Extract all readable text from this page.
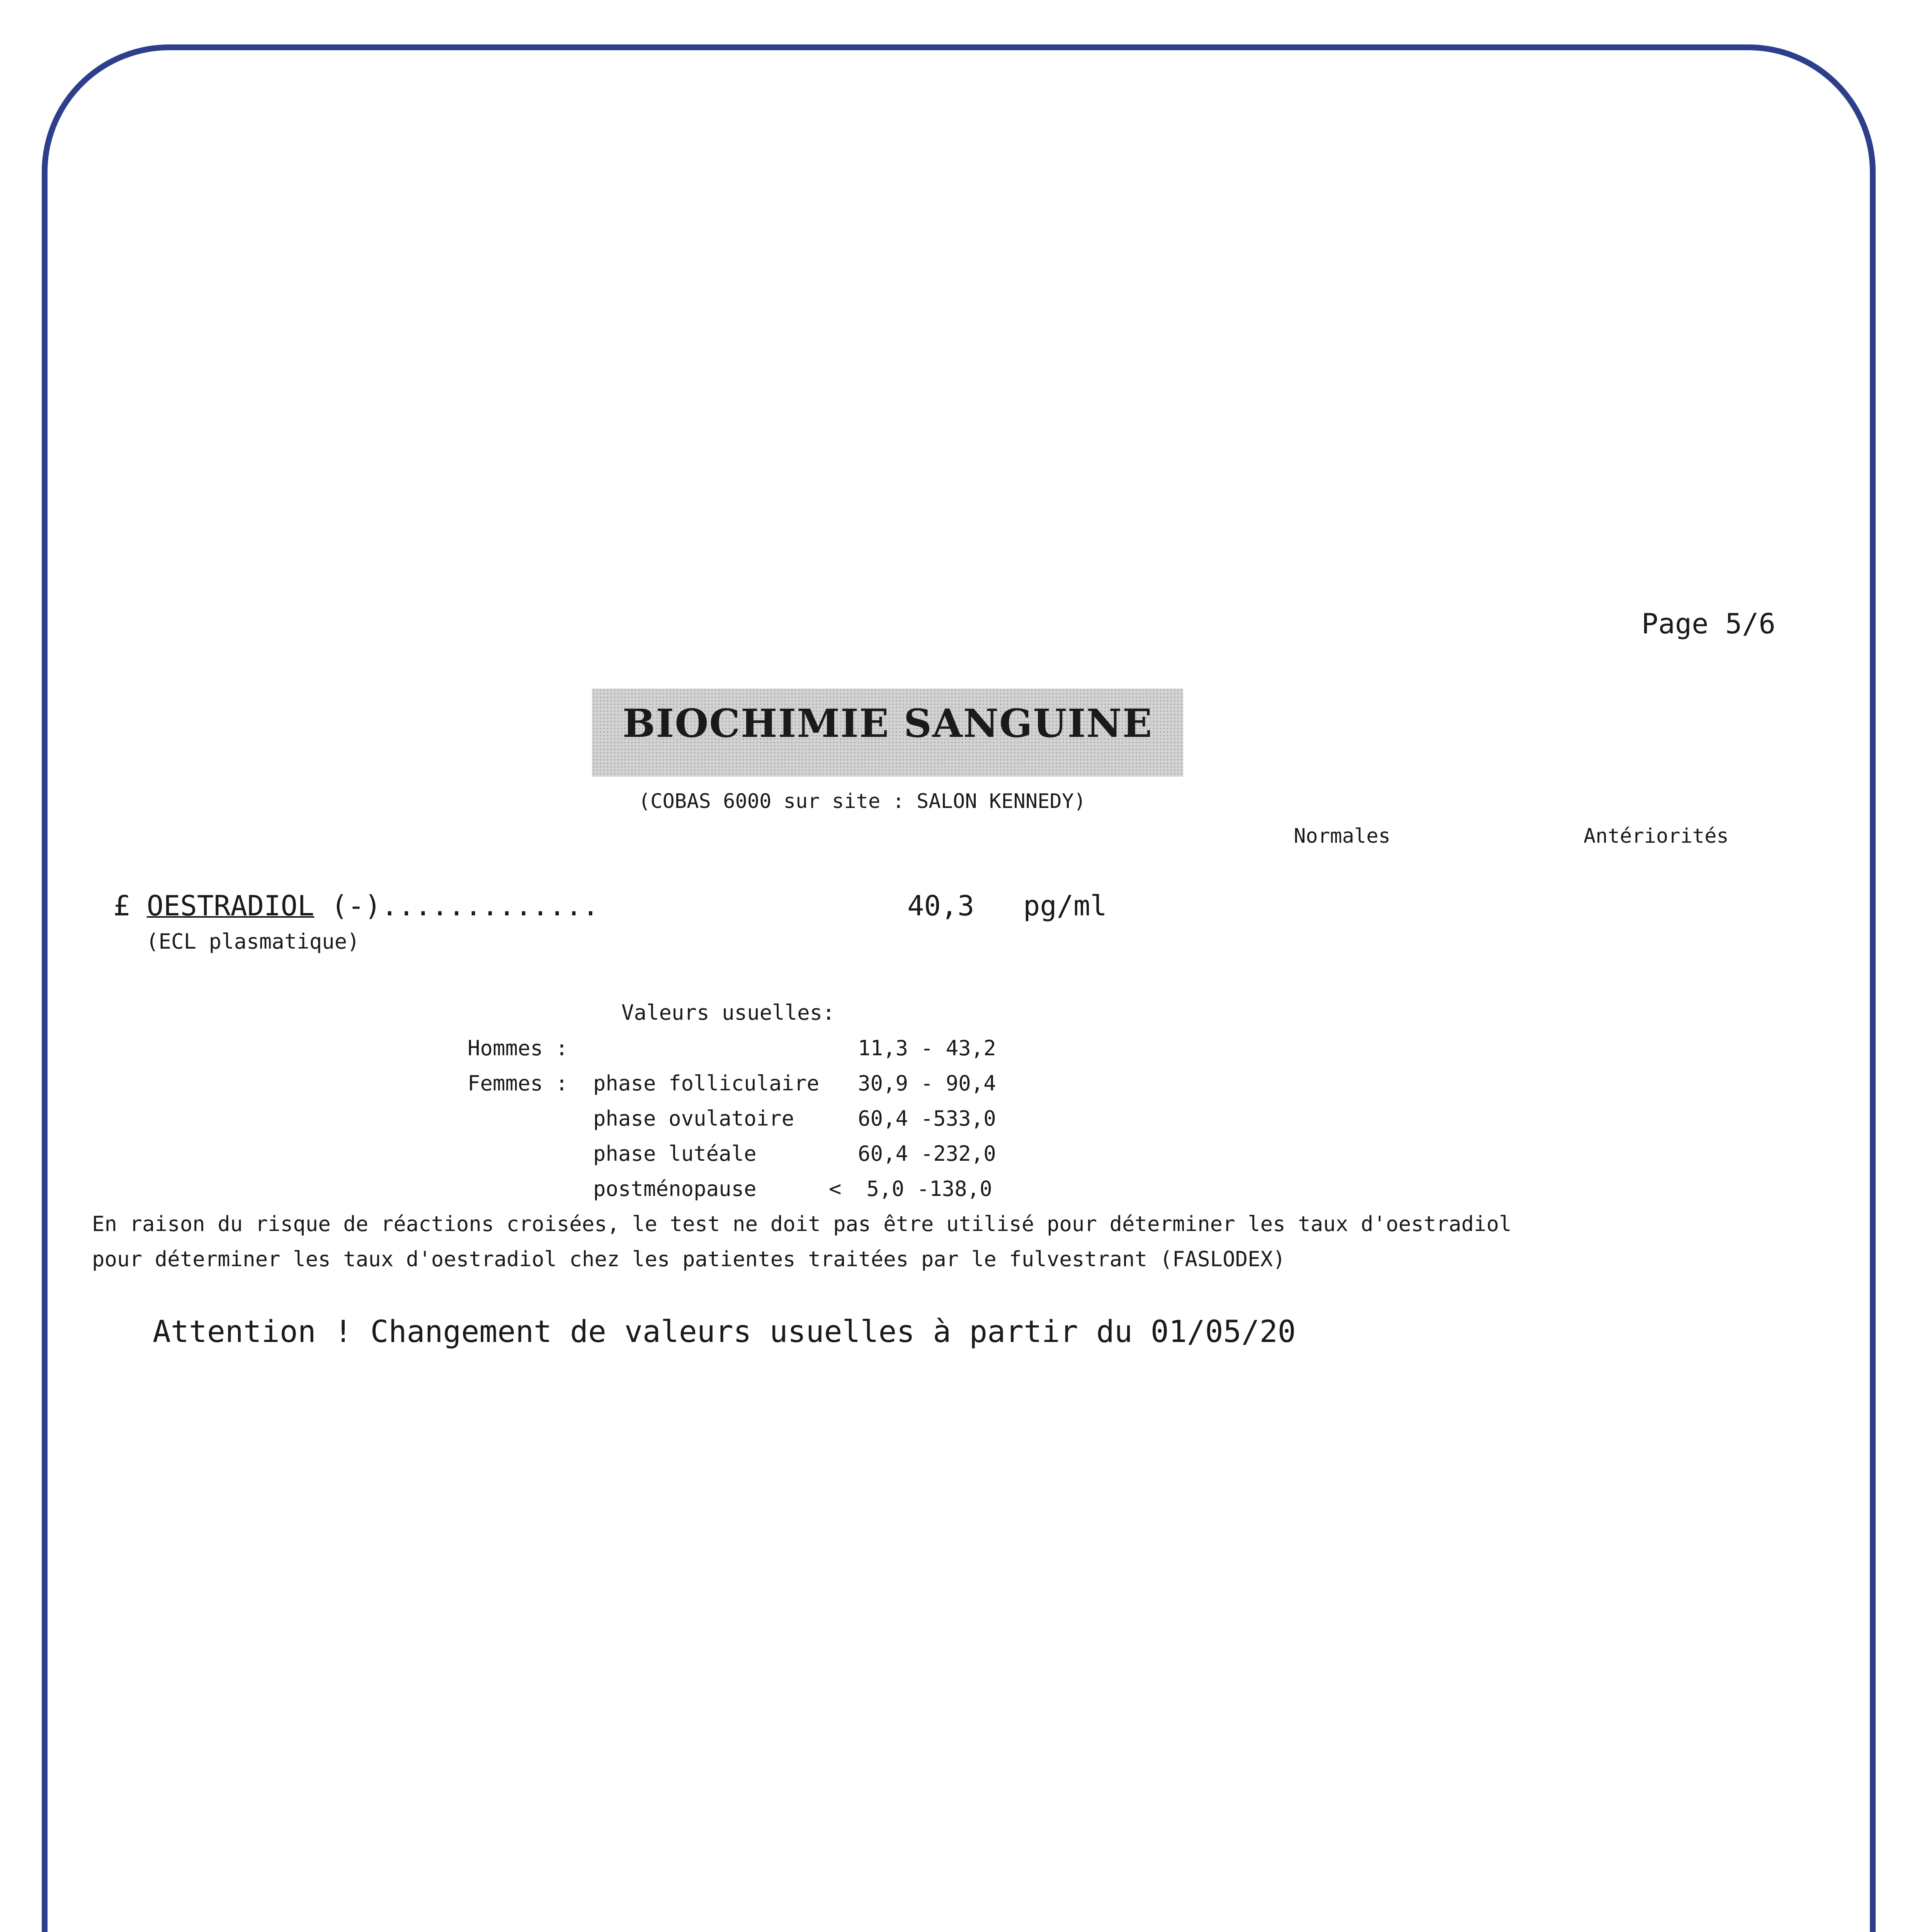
Page 5/6
BIOCHIMIE SANGUINE
(COBAS 6000 sur site : SALON KENNEDY)
Normales	Antériorités
£ OESTRADIOL (-).............	40,3 pg/ml
(ECL plasmatique)
Valeurs usuelles:
Hommes :	11,3 - 43,2
Femmes : phase folliculaire 30,9 - 90,4
phase ovulatoire	60,4 -533,0
phase lutéale	60,4 -232,0
postménopause	<  5,0 -138,0
En raison du risque de réactions croisées, le test ne doit pas être utilisé pour déterminer les taux d'oestradiol
pour déterminer les taux d'oestradiol chez les patientes traitées par le fulvestrant (FASLODEX)
Attention ! Changement de valeurs usuelles à partir du 01/05/20
